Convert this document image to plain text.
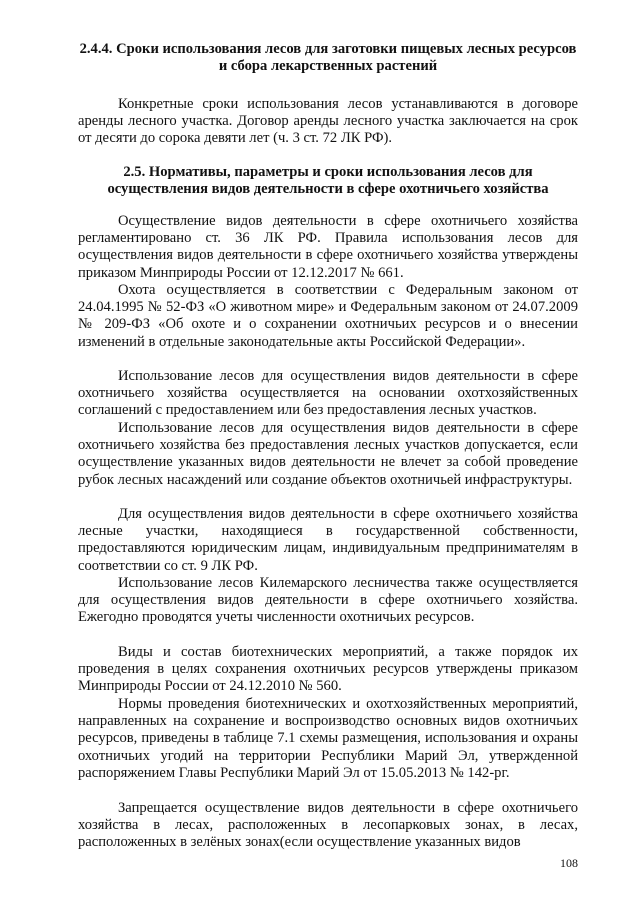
2.4.4. Сроки использования лесов для заготовки пищевых лесных ресурсов и сбора лекарственных растений

Конкретные сроки использования лесов устанавливаются в договоре аренды лесного участка. Договор аренды лесного участка заключается на срок от десяти до сорока девяти лет (ч. 3 ст. 72 ЛК РФ).

2.5. Нормативы, параметры и сроки использования лесов для осуществления видов деятельности в сфере охотничьего хозяйства

Осуществление видов деятельности в сфере охотничьего хозяйства регламентировано ст. 36 ЛК РФ. Правила использования лесов для осуществления видов деятельности в сфере охотничьего хозяйства утверждены приказом Минприроды России от 12.12.2017 № 661.

Охота осуществляется в соответствии с Федеральным законом от 24.04.1995 № 52-ФЗ «О животном мире» и Федеральным законом от 24.07.2009 № 209-ФЗ «Об охоте и о сохранении охотничьих ресурсов и о внесении изменений в отдельные законодательные акты Российской Федерации».

Использование лесов для осуществления видов деятельности в сфере охотничьего хозяйства осуществляется на основании охотхозяйственных соглашений с предоставлением или без предоставления лесных участков.

Использование лесов для осуществления видов деятельности в сфере охотничьего хозяйства без предоставления лесных участков допускается, если осуществление указанных видов деятельности не влечет за собой проведение рубок лесных насаждений или создание объектов охотничьей инфраструктуры.

Для осуществления видов деятельности в сфере охотничьего хозяйства лесные участки, находящиеся в государственной собственности, предоставляются юридическим лицам, индивидуальным предпринимателям в соответствии со ст. 9 ЛК РФ.

Использование лесов Килемарского лесничества также осуществляется для осуществления видов деятельности в сфере охотничьего хозяйства. Ежегодно проводятся учеты численности охотничьих ресурсов.

Виды и состав биотехнических мероприятий, а также порядок их проведения в целях сохранения охотничьих ресурсов утверждены приказом Минприроды России от 24.12.2010 № 560.

Нормы проведения биотехнических и охотхозяйственных мероприятий, направленных на сохранение и воспроизводство основных видов охотничьих ресурсов, приведены в таблице 7.1 схемы размещения, использования и охраны охотничьих угодий на территории Республики Марий Эл, утвержденной распоряжением Главы Республики Марий Эл от 15.05.2013 № 142-рг.

Запрещается осуществление видов деятельности в сфере охотничьего хозяйства в лесах, расположенных в лесопарковых зонах, в лесах, расположенных в зелёных зонах(если осуществление указанных видов

108
